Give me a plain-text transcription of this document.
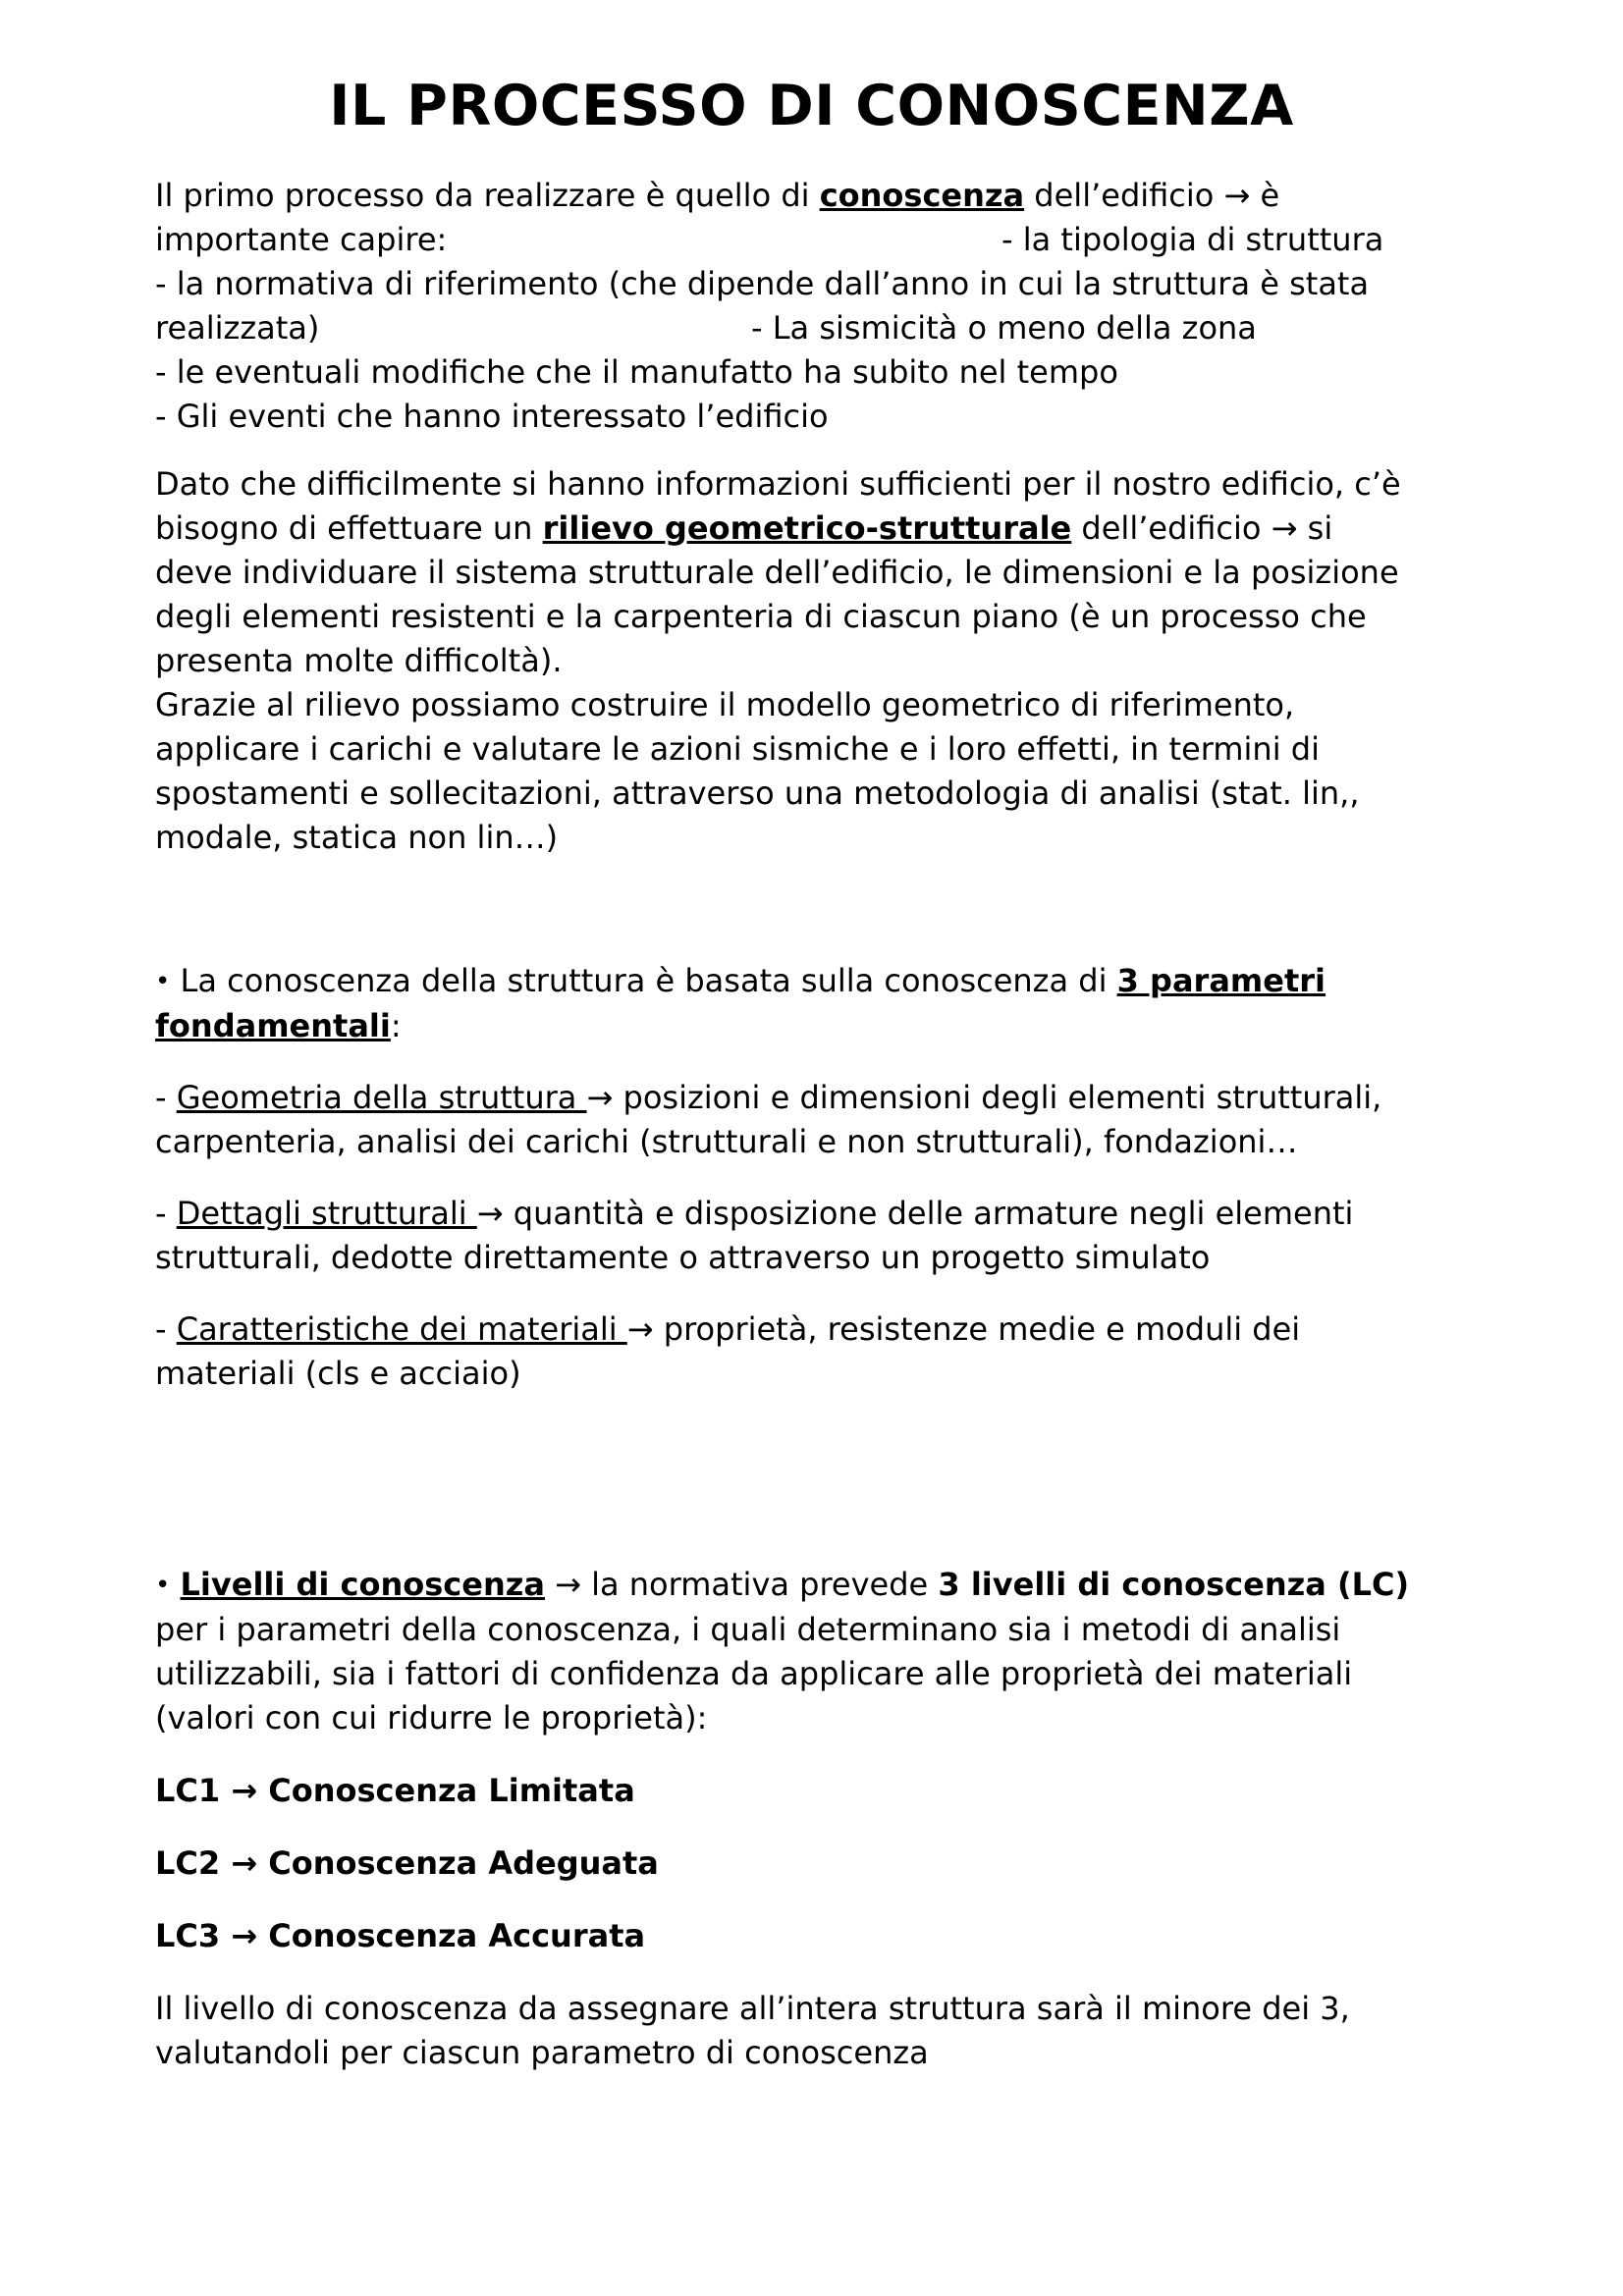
IL PROCESSO DI CONOSCENZA

Il primo processo da realizzare è quello di conoscenza dell’edificio → è
importante capire:	- la tipologia di struttura
- la normativa di riferimento (che dipende dall’anno in cui la struttura è stata
realizzata)	- La sismicità o meno della zona
- le eventuali modifiche che il manufatto ha subito nel tempo
- Gli eventi che hanno interessato l’edificio

Dato che difficilmente si hanno informazioni sufficienti per il nostro edificio, c’è
bisogno di effettuare un rilievo geometrico-strutturale dell’edificio → si
deve individuare il sistema strutturale dell’edificio, le dimensioni e la posizione
degli elementi resistenti e la carpenteria di ciascun piano (è un processo che
presenta molte difficoltà).
Grazie al rilievo possiamo costruire il modello geometrico di riferimento,
applicare i carichi e valutare le azioni sismiche e i loro effetti, in termini di
spostamenti e sollecitazioni, attraverso una metodologia di analisi (stat. lin,,
modale, statica non lin…)

• La conoscenza della struttura è basata sulla conoscenza di 3 parametri
fondamentali:

- Geometria della struttura → posizioni e dimensioni degli elementi strutturali,
carpenteria, analisi dei carichi (strutturali e non strutturali), fondazioni…

- Dettagli strutturali → quantità e disposizione delle armature negli elementi
strutturali, dedotte direttamente o attraverso un progetto simulato

- Caratteristiche dei materiali → proprietà, resistenze medie e moduli dei
materiali (cls e acciaio)

• Livelli di conoscenza → la normativa prevede 3 livelli di conoscenza (LC)
per i parametri della conoscenza, i quali determinano sia i metodi di analisi
utilizzabili, sia i fattori di confidenza da applicare alle proprietà dei materiali
(valori con cui ridurre le proprietà):

LC1 → Conoscenza Limitata

LC2 → Conoscenza Adeguata

LC3 → Conoscenza Accurata

Il livello di conoscenza da assegnare all’intera struttura sarà il minore dei 3,
valutandoli per ciascun parametro di conoscenza
